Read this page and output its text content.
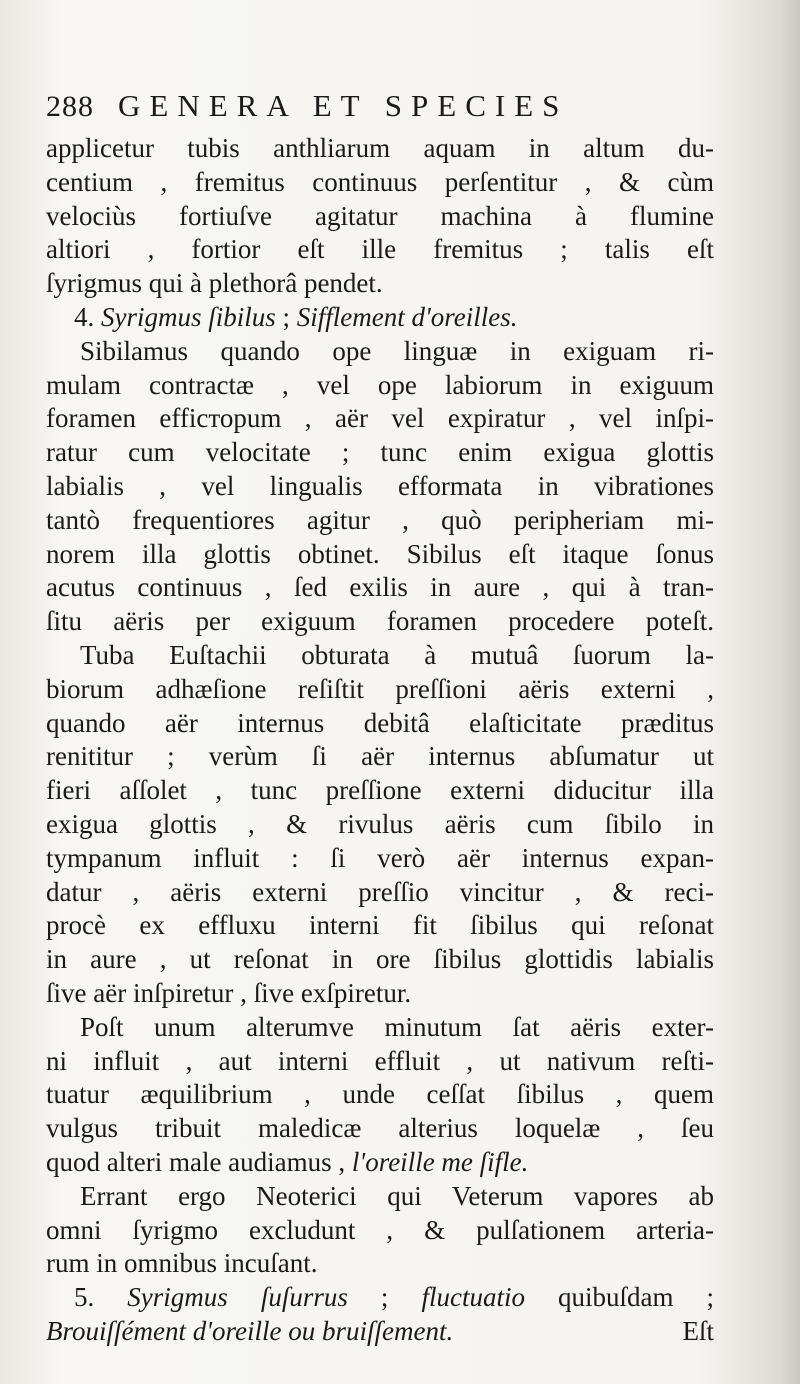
288 GENERA ET SPECIES
applicetur tubis anthliarum aquam in altum du-
centium , fremitus continuus perſentitur , & cùm
velociùs fortiuſve agitatur machina à flumine
altiori , fortior eſt ille fremitus ; talis eſt
ſyrigmus qui à plethorâ pendet.
4. Syrigmus ſibilus ; Sifflement d'oreilles.
Sibilamus quando ope linguæ in exiguam ri-
mulam contractæ , vel ope labiorum in exiguum
foramen efficторum , aër vel expiratur , vel inſpi-
ratur cum velocitate ; tunc enim exigua glottis
labialis , vel lingualis efformata in vibrationes
tantò frequentiores agitur , quò peripheriam mi-
norem illa glottis obtinet. Sibilus eſt itaque ſonus
acutus continuus , ſed exilis in aure , qui à tran-
ſitu aëris per exiguum foramen procedere poteſt.
Tuba Euſtachii obturata à mutuâ ſuorum la-
biorum adhæſione reſiſtit preſſioni aëris externi ,
quando aër internus debitâ elaſticitate præditus
renititur ; verùm ſi aër internus abſumatur ut
fieri aſſolet , tunc preſſione externi diducitur illa
exigua glottis , & rivulus aëris cum ſibilo in
tympanum influit : ſi verò aër internus expan-
datur , aëris externi preſſio vincitur , & reci-
procè ex effluxu interni fit ſibilus qui reſonat
in aure , ut reſonat in ore ſibilus glottidis labialis
ſive aër inſpiretur , ſive exſpiretur.
Poſt unum alterumve minutum ſat aëris exter-
ni influit , aut interni effluit , ut nativum reſti-
tuatur æquilibrium , unde ceſſat ſibilus , quem
vulgus tribuit maledicæ alterius loquelæ , ſeu
quod alteri male audiamus , l'oreille me ſifle.
Errant ergo Neoterici qui Veterum vapores ab
omni ſyrigmo excludunt , & pulſationem arteria-
rum in omnibus incuſant.
5. Syrigmus ſuſurrus ; fluctuatio quibuſdam ;
Brouiſſément d'oreille ou bruiſſement.	Eſt
